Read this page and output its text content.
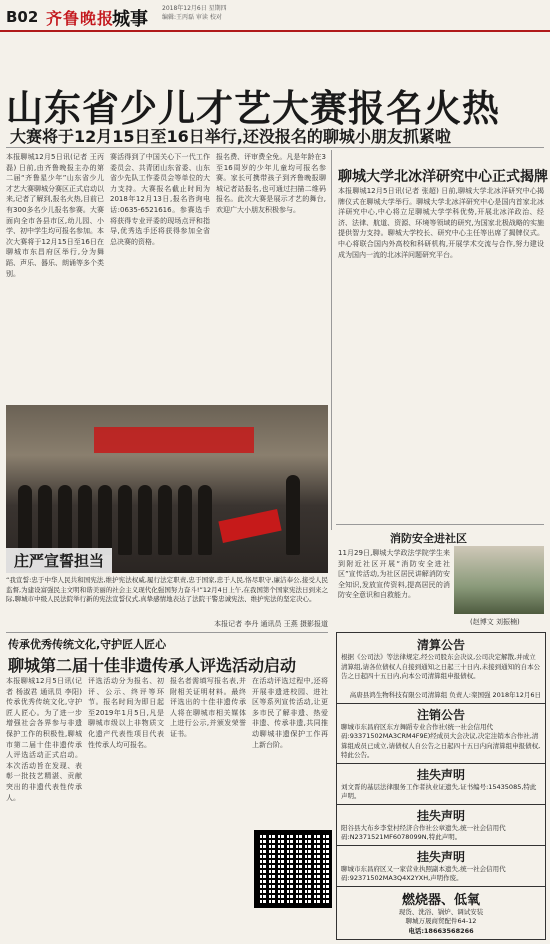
B02 齐鲁晚报
城事
2018年12月6日 星期四
编辑:王丙磊 审读 校对
山东省少儿才艺大赛报名火热
大赛将于12月15日至16日举行,还没报名的聊城小朋友抓紧啦
本报聊城12月5日讯(记者 王丙磊) 日前,由齐鲁晚报主办的第二届“齐鲁星少年”山东省少儿才艺大赛聊城分赛区正式启动以来,记者了解到,报名火热,目前已有300多名少儿报名参赛。大赛面向全市各县市区,幼儿园、小学、初中学生均可报名参加。本次大赛将于12月15日至16日在聊城市东昌府区举行,分为舞蹈、声乐、器乐、朗诵等多个类别。
赛活得到了中国关心下一代工作委员会、共青团山东省委、山东省少先队工作委员会等单位的大力支持。大赛报名截止时间为2018年12月13日,报名咨询电话:0635-6521616。参赛选手将获得专业评委的现场点评和指导,优秀选手还将获得参加全省总决赛的资格。
报名费、评审费全免。凡是年龄在3至16周岁的少年儿童均可报名参赛。家长可携带孩子到齐鲁晚报聊城记者站报名,也可通过扫描二维码报名。此次大赛是展示才艺的舞台,欢迎广大小朋友积极参与。
庄严宣誓担当
“我宣誓:忠于中华人民共和国宪法,维护宪法权威,履行法定职责,忠于国家,忠于人民,恪尽职守,廉洁奉公,接受人民监督,为建设富强民主文明和谐美丽的社会主义现代化强国努力奋斗!”12月4日上午,在我国第个国家宪法日到来之际,聊城市中级人民法院举行新的宪法宣誓仪式,真挚感情地表达了法院干警忠诚宪法、维护宪法的坚定决心。
本报记者 李丹 通讯员 王燕 摄影报道
聊城大学北冰洋研究中心正式揭牌
本报聊城12月5日讯(记者 张超) 日前,聊城大学北冰洋研究中心揭牌仪式在聊城大学举行。聊城大学北冰洋研究中心是国内首家北冰洋研究中心,中心将立足聊城大学学科优势,开展北冰洋政治、经济、法律、航道、资源、环境等领域的研究,为国家北极战略的实施提供智力支持。聊城大学校长、研究中心主任等出席了揭牌仪式。中心将联合国内外高校和科研机构,开展学术交流与合作,努力建设成为国内一流的北冰洋问题研究平台。
消防安全进社区
11月29日,聊城大学政法学院学生来到附近社区开展“消防安全进社区”宣传活动,为社区居民讲解消防安全知识,发放宣传资料,提高居民的消防安全意识和自救能力。
(赵博文 刘振楠)
传承优秀传统文化,守护匠人匠心
聊城第二届十佳非遗传承人评选活动启动
本报聊城12月5日讯(记者 杨淑君 通讯员 李阳) 传承优秀传统文化,守护匠人匠心。为了进一步增强社会各界参与非遗保护工作的积极性,聊城市第二届十佳非遗传承人评选活动正式启动。本次活动旨在发现、表彰一批技艺精湛、贡献突出的非遗代表性传承人。
评选活动分为报名、初评、公示、终评等环节。报名时间为即日起至2019年1月5日,凡是聊城市级以上非物质文化遗产代表性项目代表性传承人均可报名。
报名者需填写报名表,并附相关证明材料。最终评选出的十佳非遗传承人将在聊城市相关媒体上进行公示,并颁发荣誉证书。
在活动评选过程中,还将开展非遗进校园、进社区等系列宣传活动,让更多市民了解非遗、热爱非遗、传承非遗,共同推动聊城非遗保护工作再上新台阶。
清算公告
根据《公司法》等法律规定,经公司股东会决议,公司决定解散,并成立清算组,请各位债权人自接到通知之日起三十日内,未接到通知的自本公告之日起四十五日内,向本公司清算组申报债权。
高唐县鸿生物科技有限公司清算组 负责人:栾国强 2018年12月6日
注销公告
聊城市东昌府区东方舞蹈专业合作社(统一社会信用代码:93371502MA3CRM4F9E)经成员大会决议,决定注销本合作社,清算组成员已成立,请债权人自公告之日起四十五日内向清算组申报债权,特此公告。
挂失声明
刘文晋的基层法律服务工作者执业证遗失,证书编号:15435085,特此声明。
挂失声明
阳谷县大布乡李堂村经济合作社公章遗失,统一社会信用代码:N2371521MF6078099N,特此声明。
挂失声明
聊城市东昌府区又一家营业执照副本遗失,统一社会信用代码:92371502MA3Q4X2YXH,声明作废。
燃烧器、低氧
现货、洗浴、锅炉、调试安装
聊城万晟商贸配件64-12
电话:18663568266
